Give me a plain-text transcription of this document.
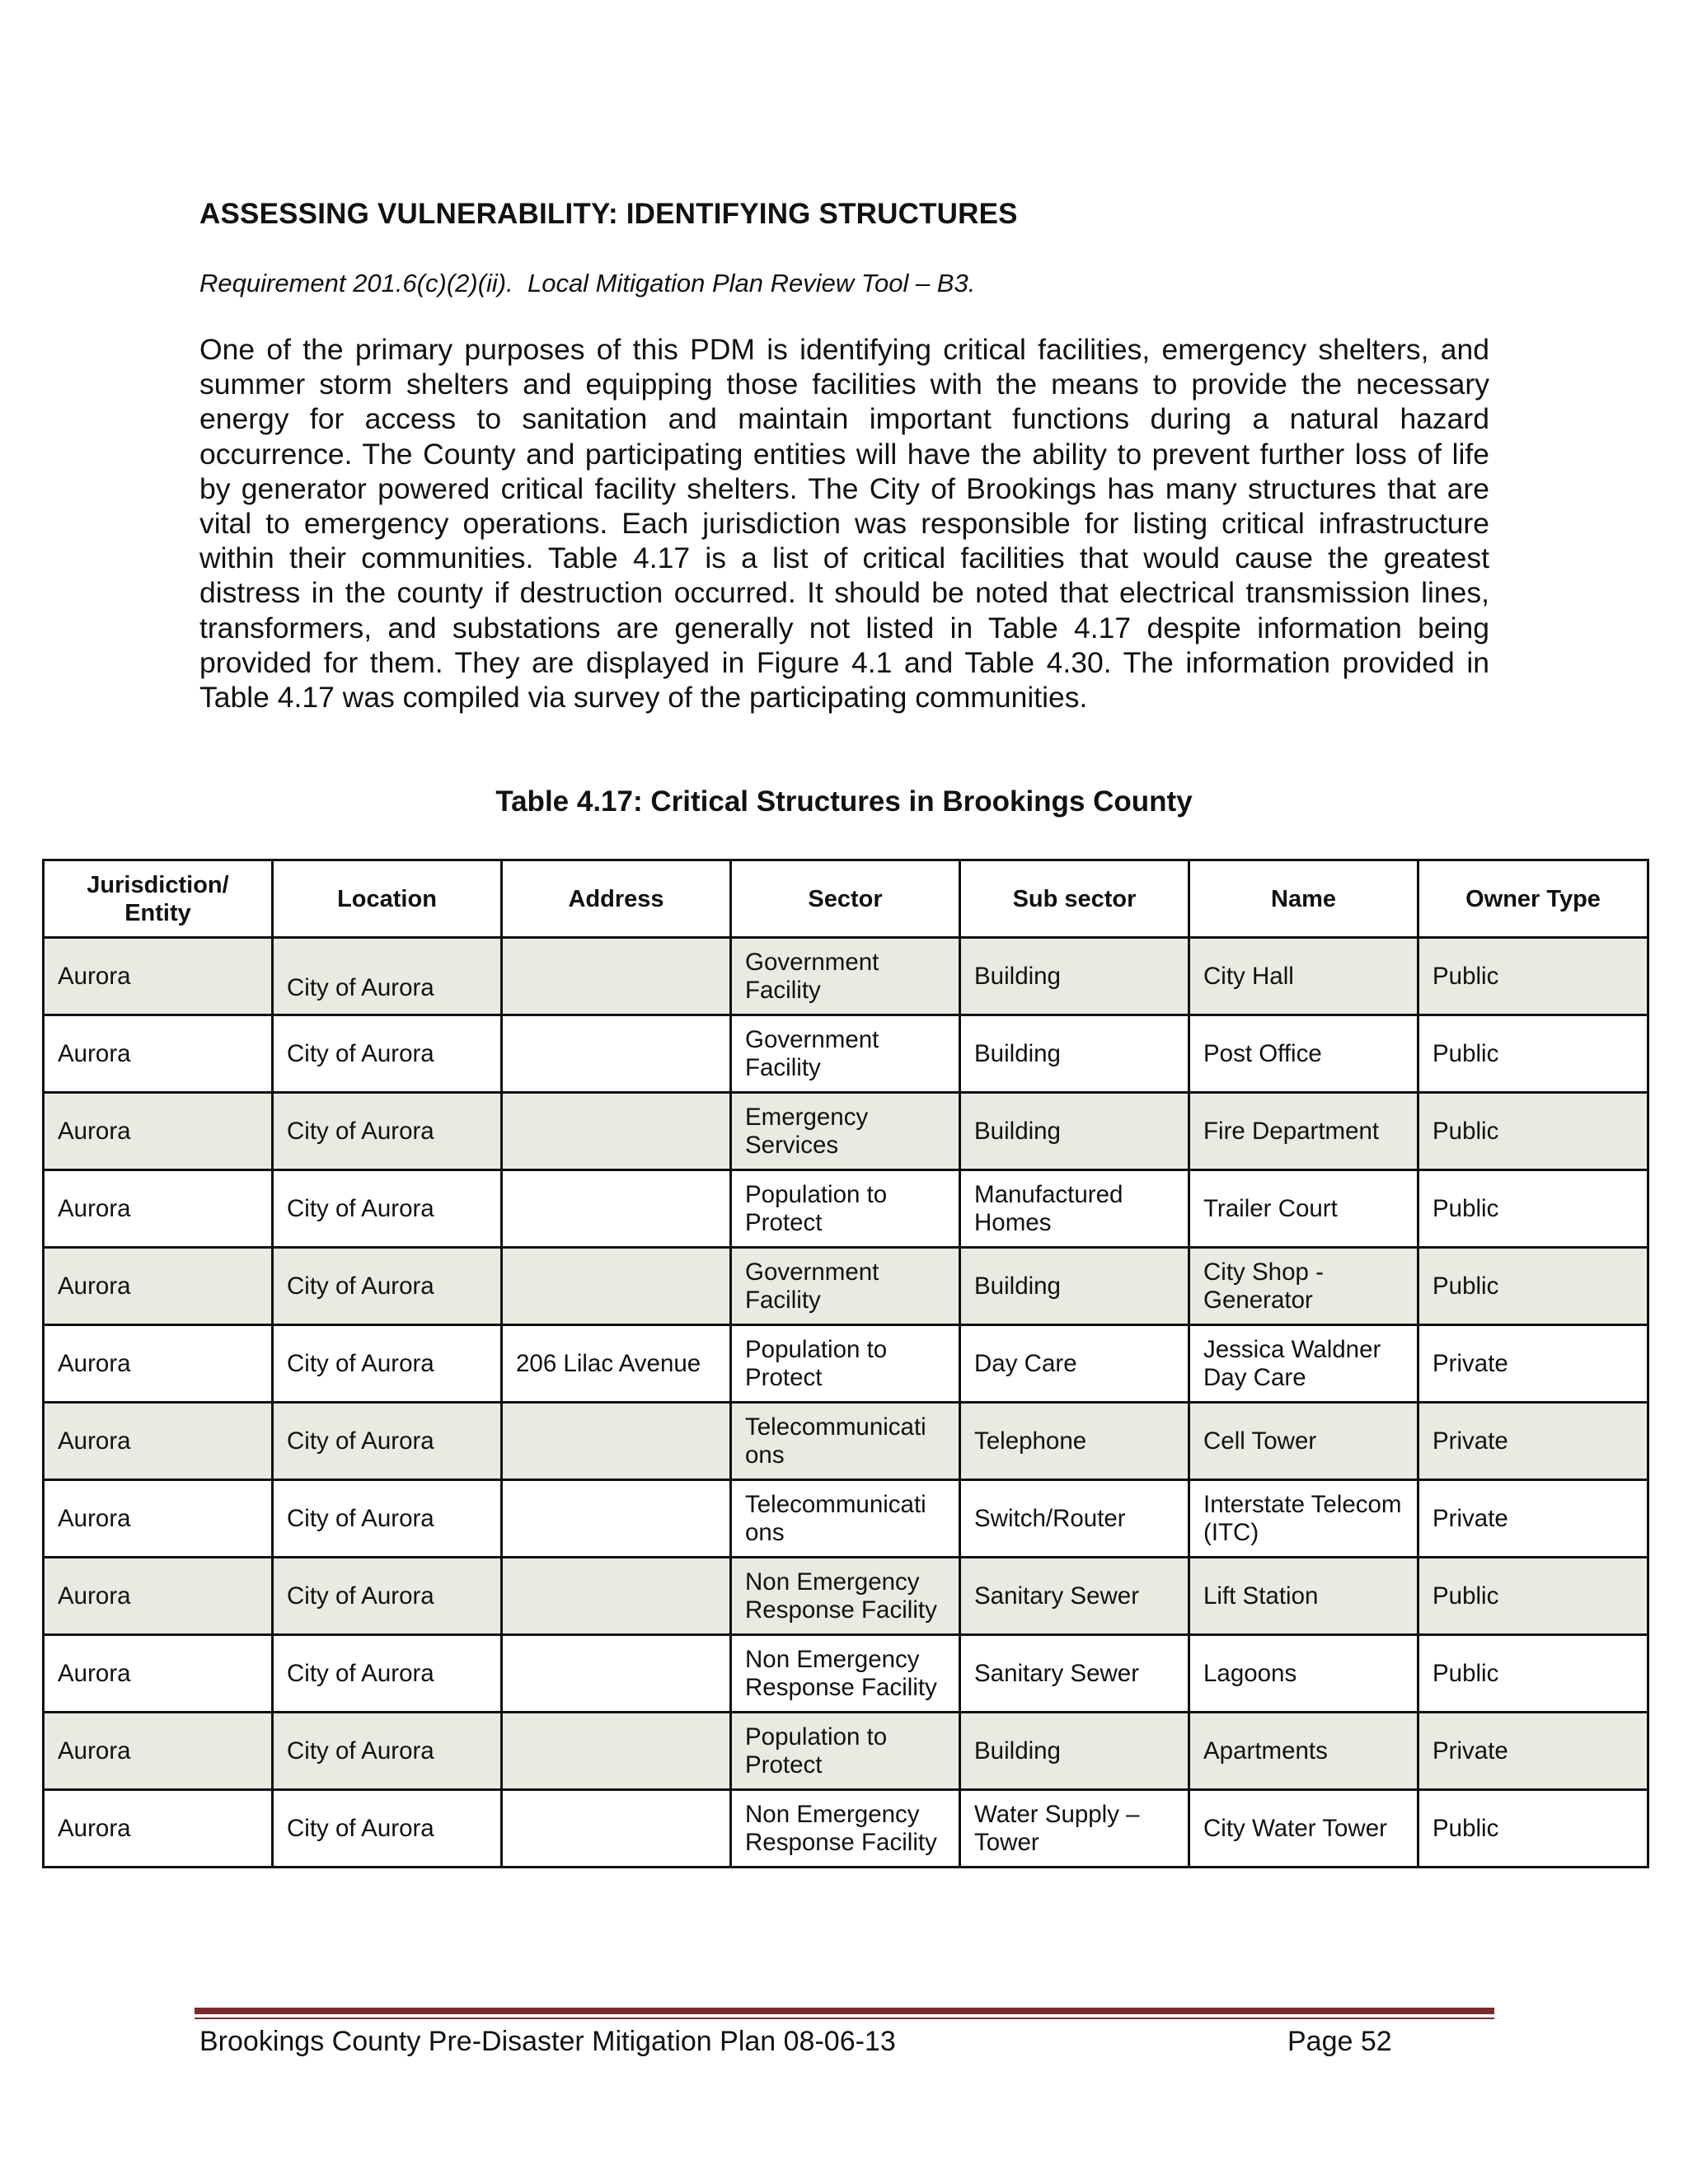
ASSESSING VULNERABILITY: IDENTIFYING STRUCTURES

Requirement 201.6(c)(2)(ii).  Local Mitigation Plan Review Tool – B3.

One of the primary purposes of this PDM is identifying critical facilities, emergency shelters, and summer storm shelters and equipping those facilities with the means to provide the necessary energy for access to sanitation and maintain important functions during a natural hazard occurrence. The County and participating entities will have the ability to prevent further loss of life by generator powered critical facility shelters. The City of Brookings has many structures that are vital to emergency operations. Each jurisdiction was responsible for listing critical infrastructure within their communities. Table 4.17 is a list of critical facilities that would cause the greatest distress in the county if destruction occurred. It should be noted that electrical transmission lines, transformers, and substations are generally not listed in Table 4.17 despite information being provided for them. They are displayed in Figure 4.1 and Table 4.30. The information provided in Table 4.17 was compiled via survey of the participating communities.

Table 4.17: Critical Structures in Brookings County

Jurisdiction/ Entity	Location	Address	Sector	Sub sector	Name	Owner Type
Aurora	City of Aurora		Government Facility	Building	City Hall	Public
Aurora	City of Aurora		Government Facility	Building	Post Office	Public
Aurora	City of Aurora		Emergency Services	Building	Fire Department	Public
Aurora	City of Aurora		Population to Protect	Manufactured Homes	Trailer Court	Public
Aurora	City of Aurora		Government Facility	Building	City Shop - Generator	Public
Aurora	City of Aurora	206 Lilac Avenue	Population to Protect	Day Care	Jessica Waldner Day Care	Private
Aurora	City of Aurora		Telecommunicati ons	Telephone	Cell Tower	Private
Aurora	City of Aurora		Telecommunicati ons	Switch/Router	Interstate Telecom (ITC)	Private
Aurora	City of Aurora		Non Emergency Response Facility	Sanitary Sewer	Lift Station	Public
Aurora	City of Aurora		Non Emergency Response Facility	Sanitary Sewer	Lagoons	Public
Aurora	City of Aurora		Population to Protect	Building	Apartments	Private
Aurora	City of Aurora		Non Emergency Response Facility	Water Supply – Tower	City Water Tower	Public

Brookings County Pre-Disaster Mitigation Plan 08-06-13	Page 52
